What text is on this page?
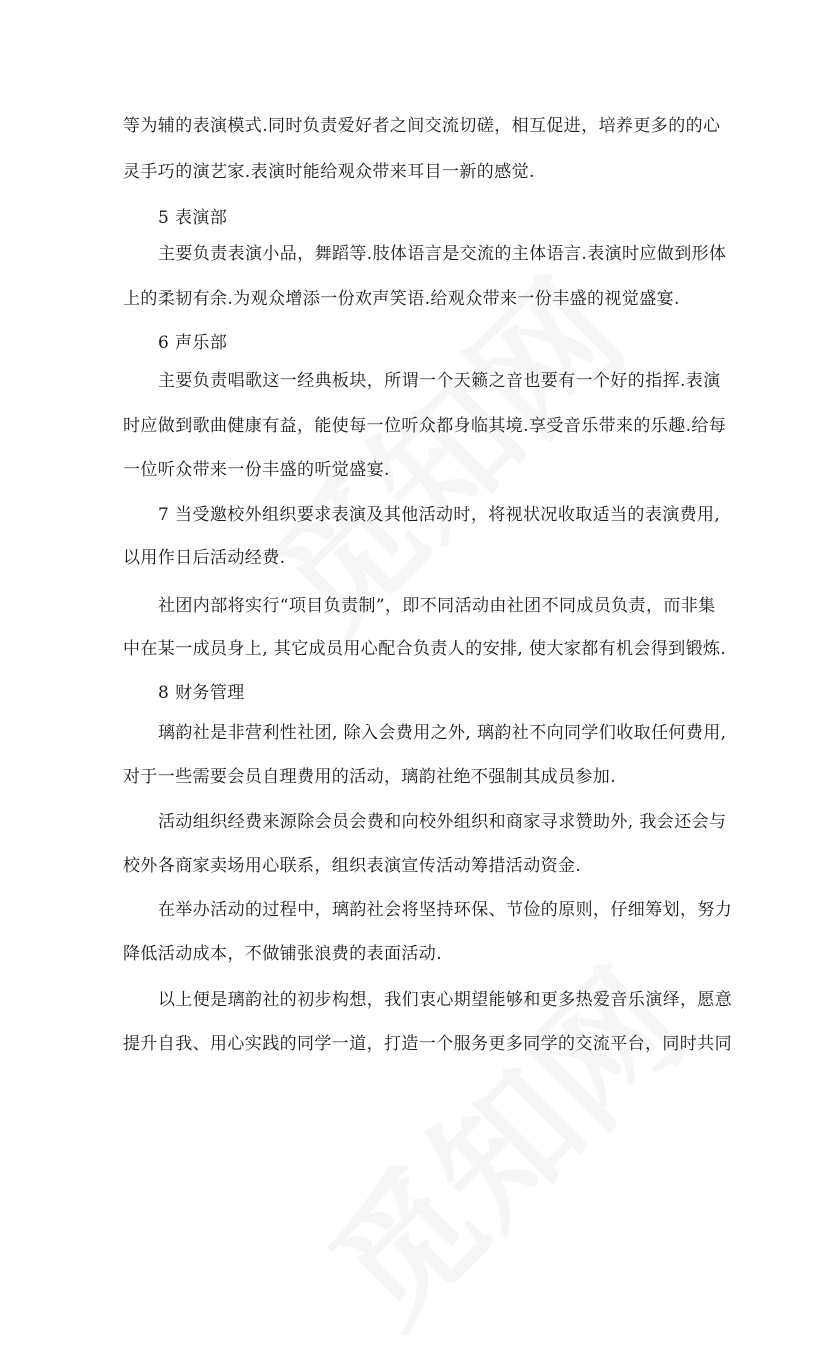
等为辅的表演模式.同时负责爱好者之间交流切磋，相互促进，培养更多的的心
灵手巧的演艺家.表演时能给观众带来耳目一新的感觉.
5 表演部
主要负责表演小品，舞蹈等.肢体语言是交流的主体语言.表演时应做到形体
上的柔韧有余.为观众增添一份欢声笑语.给观众带来一份丰盛的视觉盛宴.
6 声乐部
主要负责唱歌这一经典板块，所谓一个天籁之音也要有一个好的指挥.表演
时应做到歌曲健康有益，能使每一位听众都身临其境.享受音乐带来的乐趣.给每
一位听众带来一份丰盛的听觉盛宴.
7 当受邀校外组织要求表演及其他活动时，将视状况收取适当的表演费用,
以用作日后活动经费.
社团内部将实行“项目负责制”，即不同活动由社团不同成员负责，而非集
中在某一成员身上, 其它成员用心配合负责人的安排, 使大家都有机会得到锻炼.
8 财务管理
璃韵社是非营利性社团, 除入会费用之外, 璃韵社不向同学们收取任何费用,
对于一些需要会员自理费用的活动，璃韵社绝不强制其成员参加.
活动组织经费来源除会员会费和向校外组织和商家寻求赞助外, 我会还会与
校外各商家卖场用心联系，组织表演宣传活动筹措活动资金.
在举办活动的过程中，璃韵社会将坚持环保、节俭的原则，仔细筹划，努力
降低活动成本，不做铺张浪费的表面活动.
以上便是璃韵社的初步构想，我们衷心期望能够和更多热爱音乐演绎，愿意
提升自我、用心实践的同学一道，打造一个服务更多同学的交流平台，同时共同
